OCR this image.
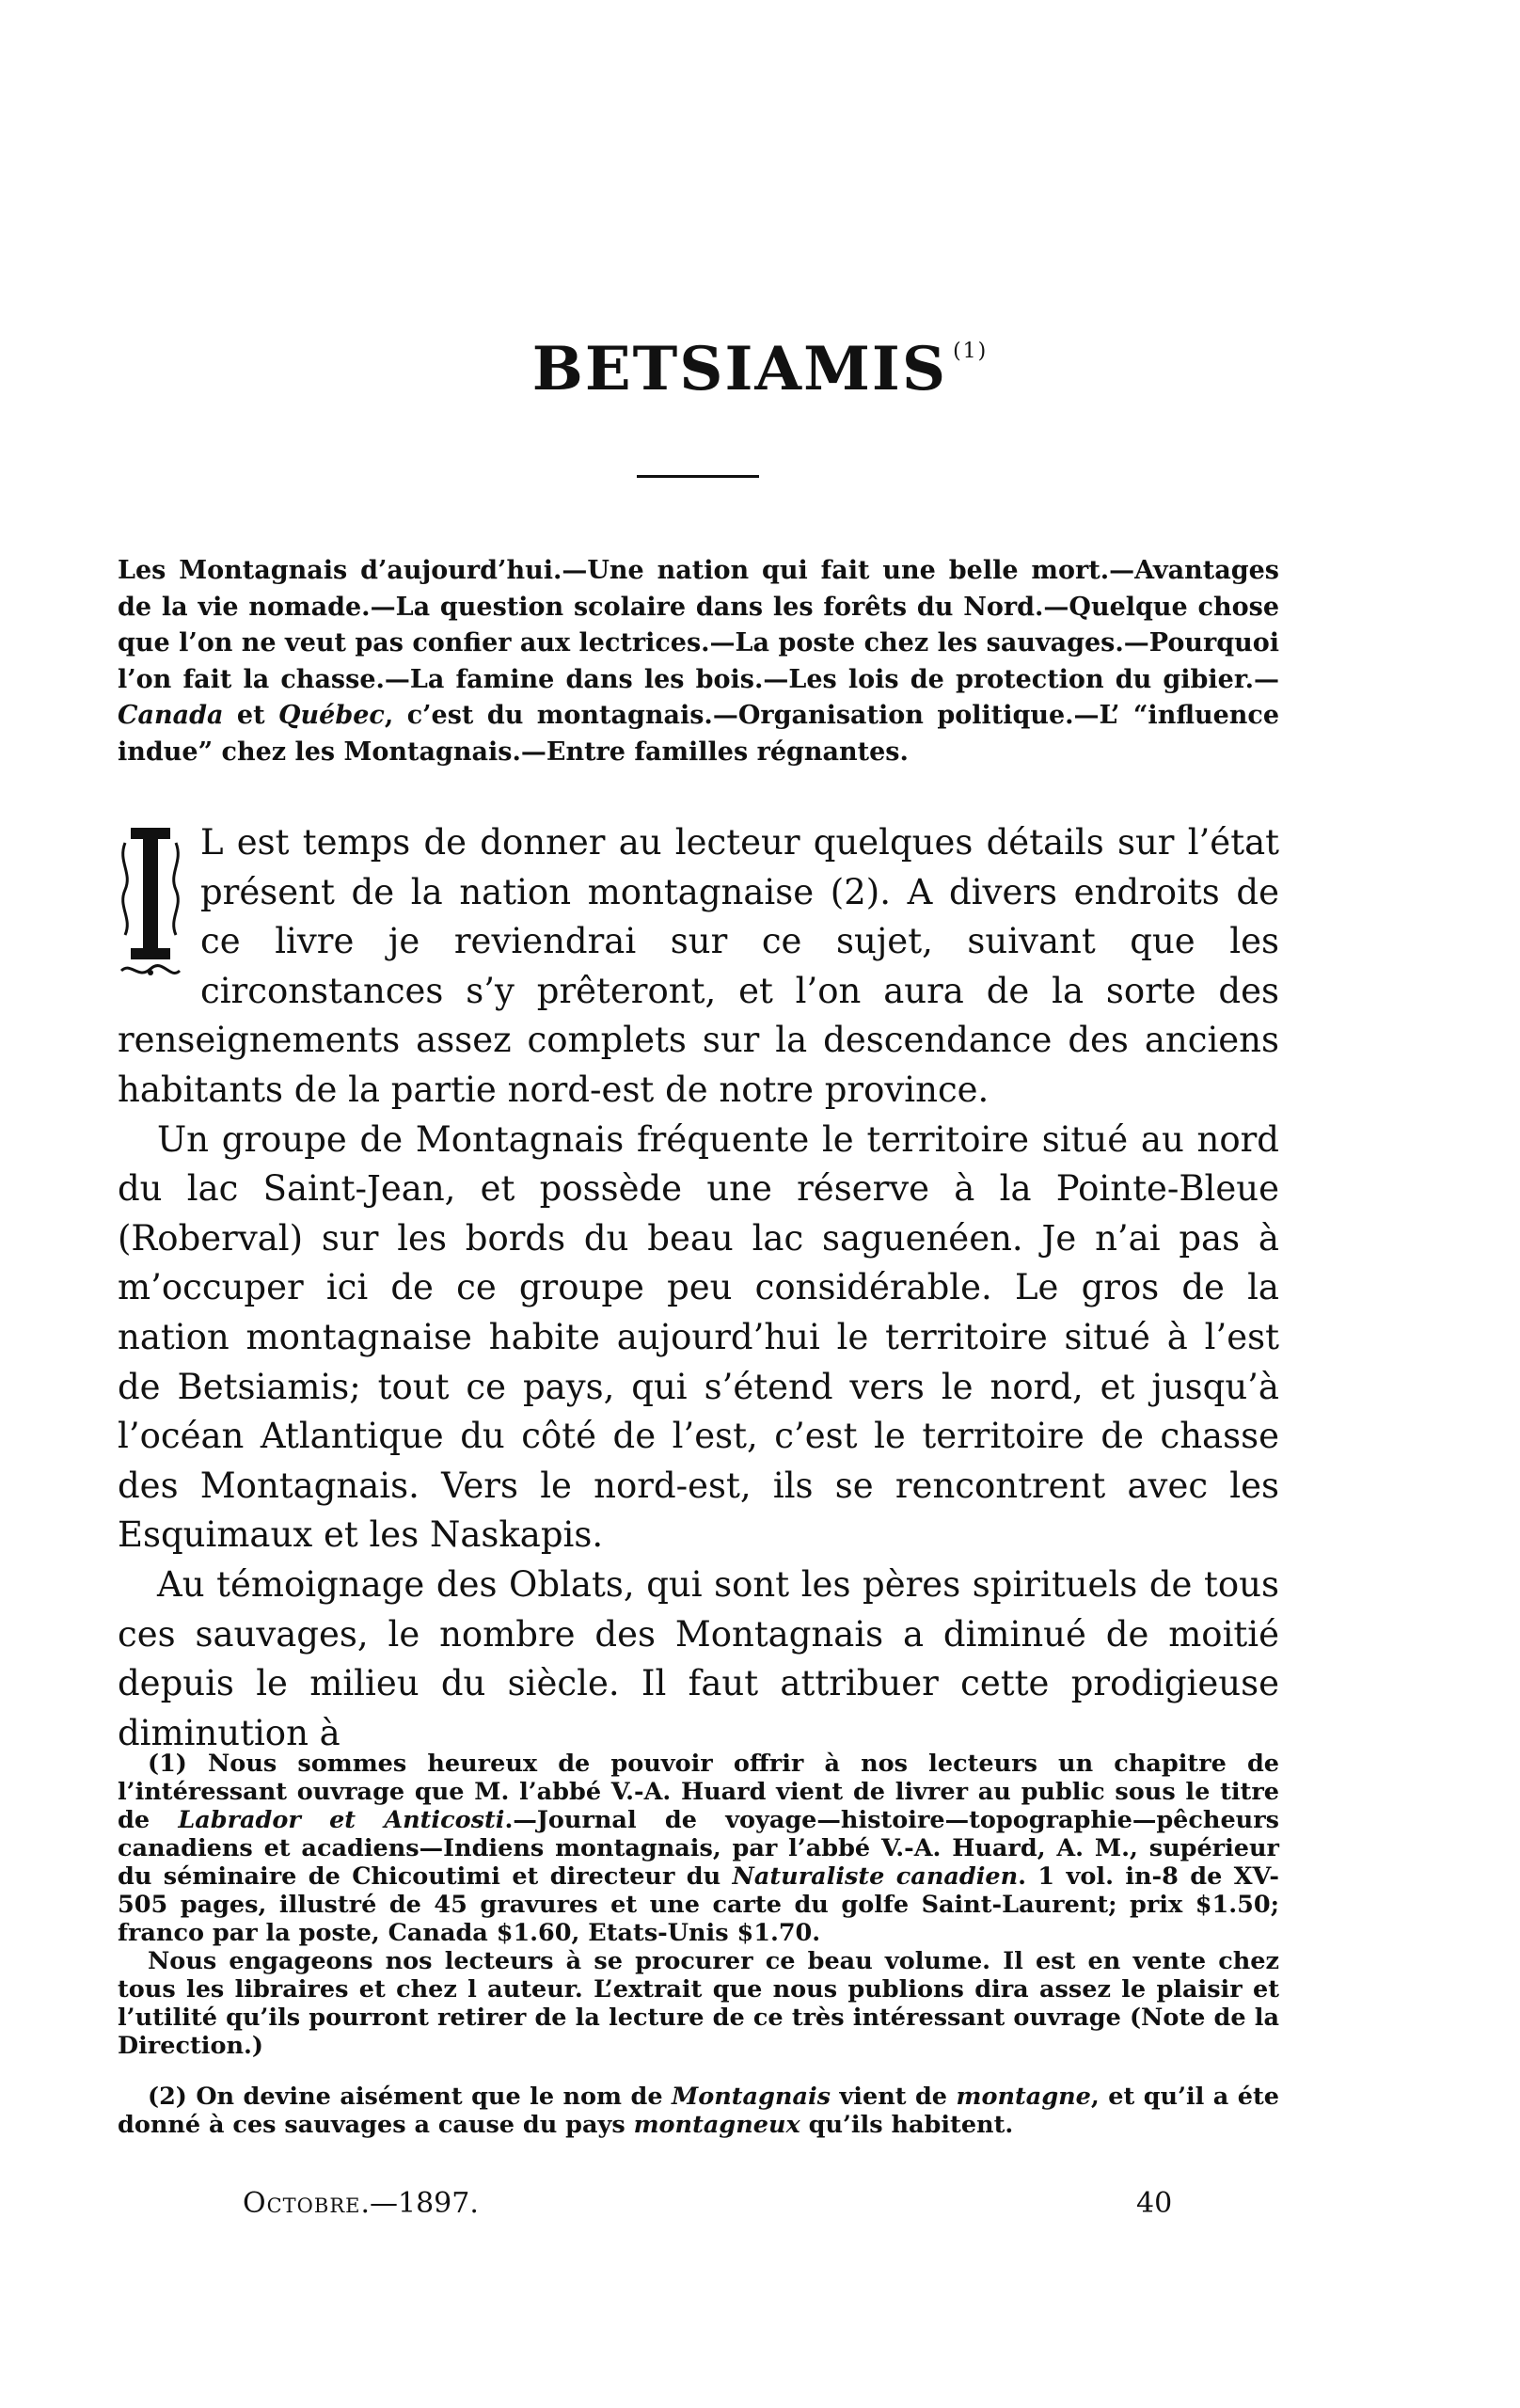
BETSIAMIS $^{(1)}$
Les Montagnais d’aujourd’hui.—Une nation qui fait une belle mort.—Avantages de la vie nomade.—La question scolaire dans les forêts du Nord.—Quelque chose que l’on ne veut pas confier aux lectrices.—La poste chez les sauvages.—Pourquoi l’on fait la chasse.—La famine dans les bois.—Les lois de protection du gibier.—Canada et Québec, c’est du montagnais.—Organisation politique.—L’ “influence indue” chez les Montagnais.—Entre familles régnantes.

I
L est temps de donner au lecteur quelques détails sur l’état présent de la nation montagnaise (2). A divers endroits de ce livre je reviendrai sur ce sujet, suivant que les circonstances s’y prêteront, et l’on aura de la sorte des renseignements assez complets sur la descendance des anciens habitants de la partie nord-est de notre province.

Un groupe de Montagnais fréquente le territoire situé au nord du lac Saint-Jean, et possède une réserve à la Pointe-Bleue (Roberval) sur les bords du beau lac saguenéen. Je n’ai pas à m’occuper ici de ce groupe peu considérable. Le gros de la nation montagnaise habite aujourd’hui le territoire situé à l’est de Betsiamis; tout ce pays, qui s’étend vers le nord, et jusqu’à l’océan Atlantique du côté de l’est, c’est le territoire de chasse des Montagnais. Vers le nord-est, ils se rencontrent avec les Esquimaux et les Naskapis.

Au témoignage des Oblats, qui sont les pères spirituels de tous ces sauvages, le nombre des Montagnais a diminué de moitié depuis le milieu du siècle. Il faut attribuer cette prodigieuse diminution à

(1) Nous sommes heureux de pouvoir offrir à nos lecteurs un chapitre de l’intéressant ouvrage que M. l’abbé V.-A. Huard vient de livrer au public sous le titre de Labrador et Anticosti.—Journal de voyage—histoire—topographie—pêcheurs canadiens et acadiens—Indiens montagnais, par l’abbé V.-A. Huard, A. M., supérieur du séminaire de Chicoutimi et directeur du Naturaliste canadien. 1 vol. in-8 de XV-505 pages, illustré de 45 gravures et une carte du golfe Saint-Laurent; prix $1.50; franco par la poste, Canada $1.60, Etats-Unis $1.70.

Nous engageons nos lecteurs à se procurer ce beau volume. Il est en vente chez tous les libraires et chez l auteur. L’extrait que nous publions dira assez le plaisir et l’utilité qu’ils pourront retirer de la lecture de ce très intéressant ouvrage (Note de la Direction.)

(2) On devine aisément que le nom de Montagnais vient de montagne, et qu’il a éte donné à ces sauvages a cause du pays montagneux qu’ils habitent.

Octobre.—1897.	40
